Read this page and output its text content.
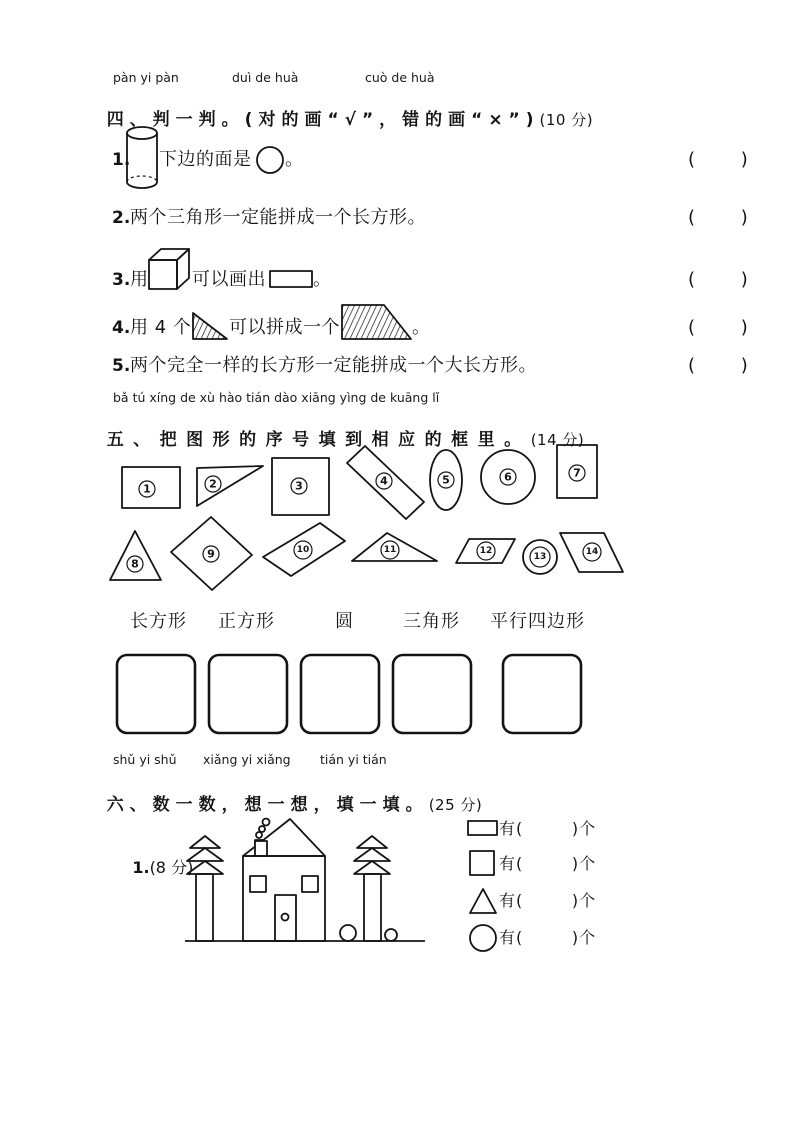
1	2	3	4	5	6	7
8
9	10	11	12
13	14
pàn yi pàn	duì de huà	cuò de huà

四、判一判。(对的画“√”，错的画“×”)(10 分)

1. 下边的面是 。	(        )
2. 两个三角形一定能拼成一个长方形。	(        )
3. 用 可以画出	。	(        )
4. 用 4 个 可以拼成一个	。	(        )
5. 两个完全一样的长方形一定能拼成一个大长方形。	(        )
bǎ tú xíng de xù hào tián dào xiāng yìng de kuāng lǐ

五、把图形的序号填到相应的框里。(14 分)

长方形 正方形	圆	三角形 平行四边形
shǔ yi shǔ xiǎng yi xiǎng tián yi tián

六、数一数，想一想，填一填。(25 分)

1.(8 分)

有(        )个
有(        )个
有(        )个
有(        )个
